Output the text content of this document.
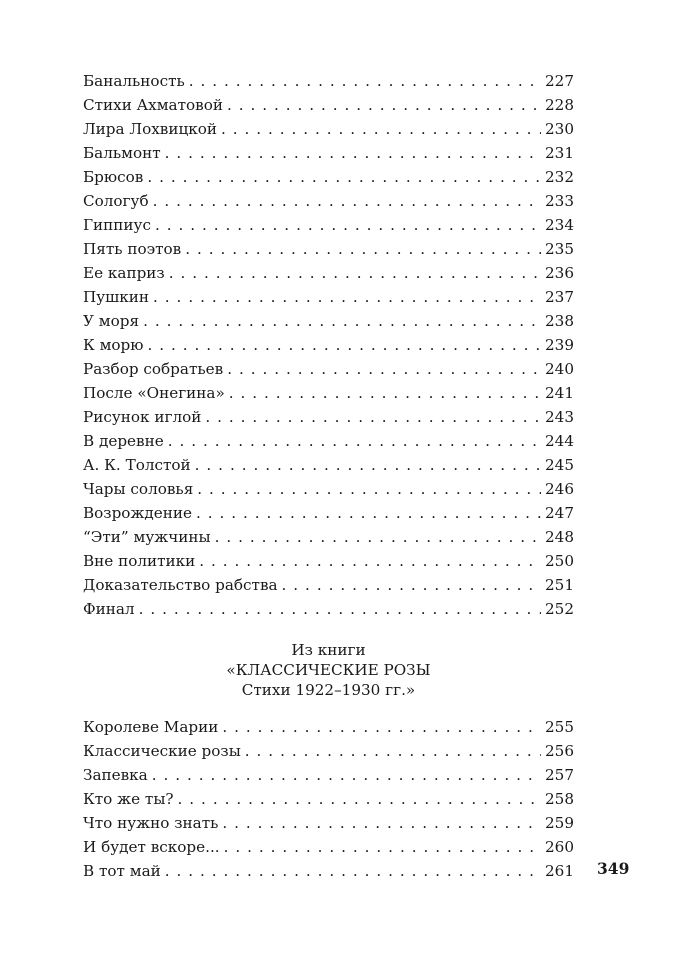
Банальность . . .	227
Стихи Ахматовой . . .	228
Лира Лохвицкой . . .	230
Бальмонт . . .	231
Брюсов . . .	232
Сологуб . . .	233
Гиппиус . . .	234
Пять поэтов . . .	235
Ее каприз . . .	236
Пушкин . . .	237
У моря . . .	238
К морю . . .	239
Разбор собратьев . . .	240
После «Онегина» . . .	241
Рисунок иглой . . .	243
В деревне . . .	244
А. К. Толстой . . .	245
Чары соловья . . .	246
Возрождение . . .	247
“Эти” мужчины . . .	248
Вне политики . . .	250
Доказательство рабства . . .	251
Финал . . .	252
Из книги
«КЛАССИЧЕСКИЕ РОЗЫ
Стихи 1922–1930 гг.»
Королеве Марии . . .	255
Классические розы . . .	256
Запевка . . .	257
Кто же ты? . . .	258
Что нужно знать . . .	259
И будет вскоре... . . .	260
В тот май . . .	261 349
